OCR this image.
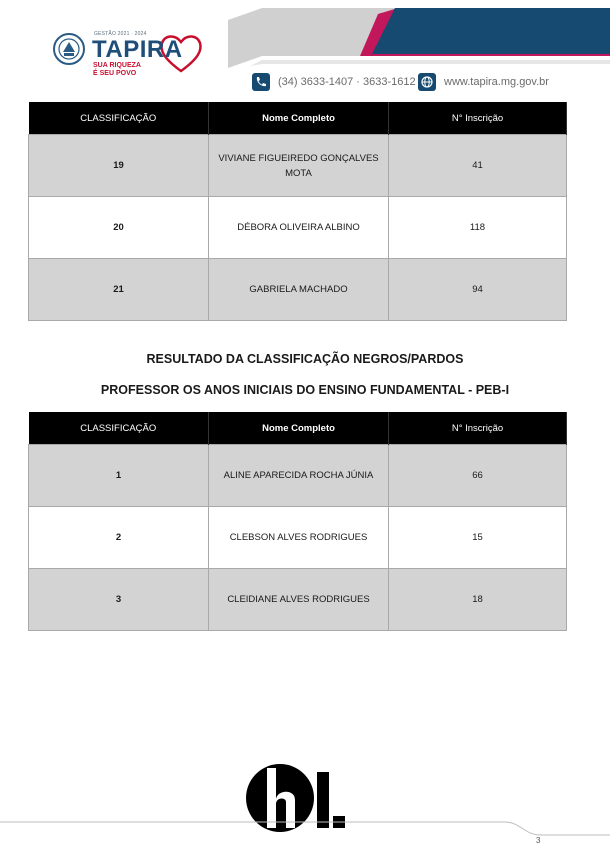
GESTÃO 2021 · 2024
TAPIRA
SUA RIQUEZA
É SEU POVO
(34) 3633-1407 · 3633-1612	www.tapira.mg.gov.br
CLASSIFICAÇÃO	Nome Completo	N° Inscrição
19	VIVIANE FIGUEIREDO GONÇALVES MOTA	41
20	DÉBORA OLIVEIRA ALBINO	118
21	GABRIELA MACHADO	94
RESULTADO DA CLASSIFICAÇÃO NEGROS/PARDOS
PROFESSOR OS ANOS INICIAIS DO ENSINO FUNDAMENTAL - PEB-I
CLASSIFICAÇÃO	Nome Completo	N° Inscrição
1	ALINE APARECIDA ROCHA JÚNIA	66
2	CLEBSON ALVES RODRIGUES	15
3	CLEIDIANE ALVES RODRIGUES	18
3
